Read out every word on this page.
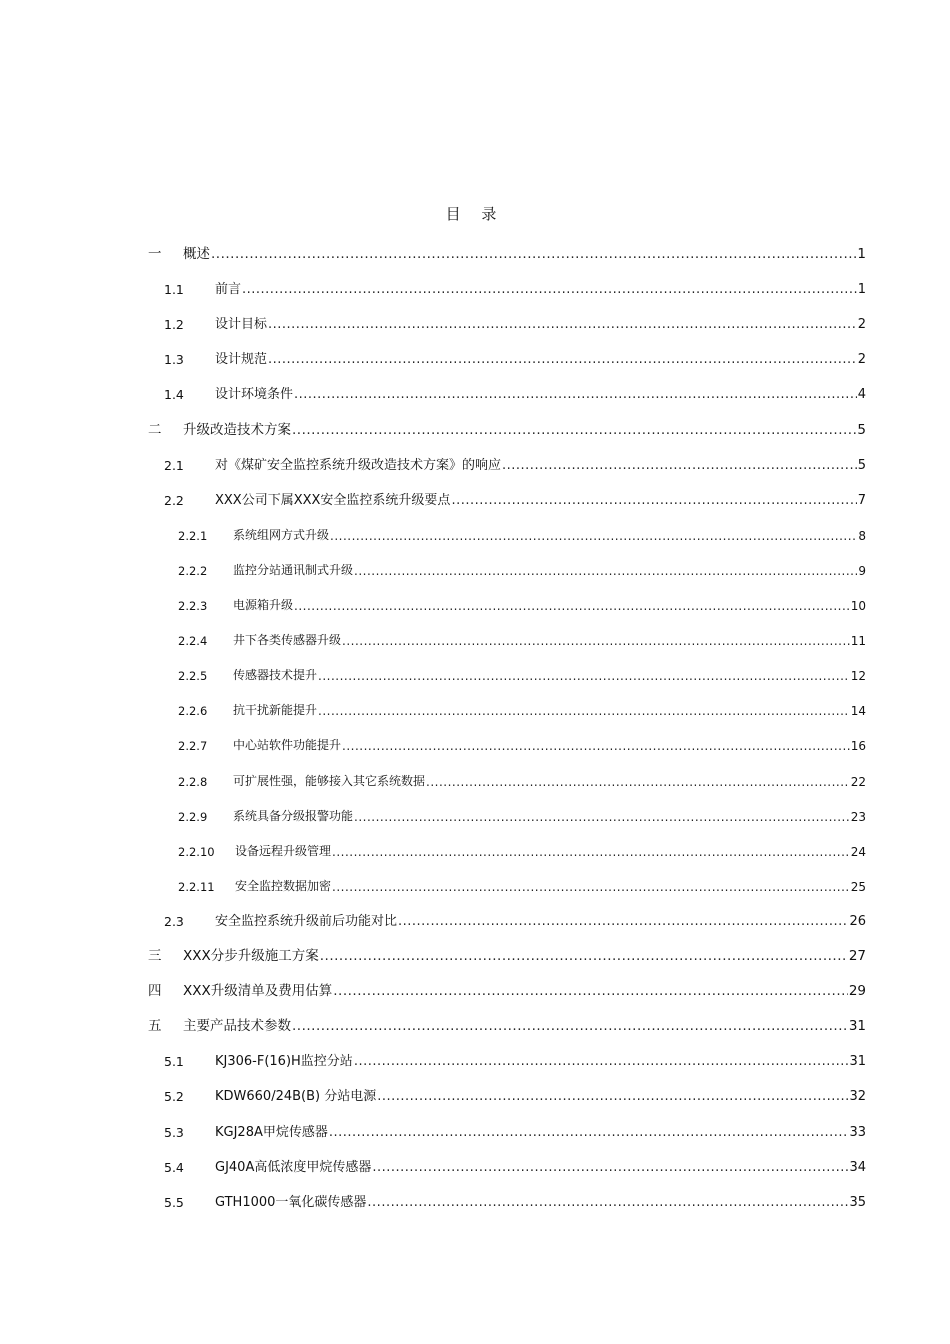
目 录
一 概述 .....	1
1.1 前言 .....	1
1.2 设计目标 .....	2
1.3 设计规范 .....	2
1.4 设计环境条件 .....	4
二 升级改造技术方案 .....	5
2.1 对《煤矿安全监控系统升级改造技术方案》的响应 .....	5
2.2 XXX公司下属XXX安全监控系统升级要点 .....	7
2.2.1 系统组网方式升级 .....	8
2.2.2 监控分站通讯制式升级 .....	9
2.2.3 电源箱升级 .....	10
2.2.4 井下各类传感器升级 .....	11
2.2.5 传感器技术提升 .....	12
2.2.6 抗干扰新能提升 .....	14
2.2.7 中心站软件功能提升 .....	16
2.2.8 可扩展性强，能够接入其它系统数据 .....	22
2.2.9 系统具备分级报警功能 .....	23
2.2.10 设备远程升级管理 .....	24
2.2.11 安全监控数据加密 .....	25
2.3 安全监控系统升级前后功能对比 .....	26
三 XXX分步升级施工方案 .....	27
四 XXX升级清单及费用估算 .....	29
五 主要产品技术参数 .....	31
5.1 KJ306-F(16)H监控分站 .....	31
5.2 KDW660/24B(B) 分站电源 .....	32
5.3 KGJ28A甲烷传感器 .....	33
5.4 GJ40A高低浓度甲烷传感器 .....	34
5.5 GTH1000一氧化碳传感器 .....	35
